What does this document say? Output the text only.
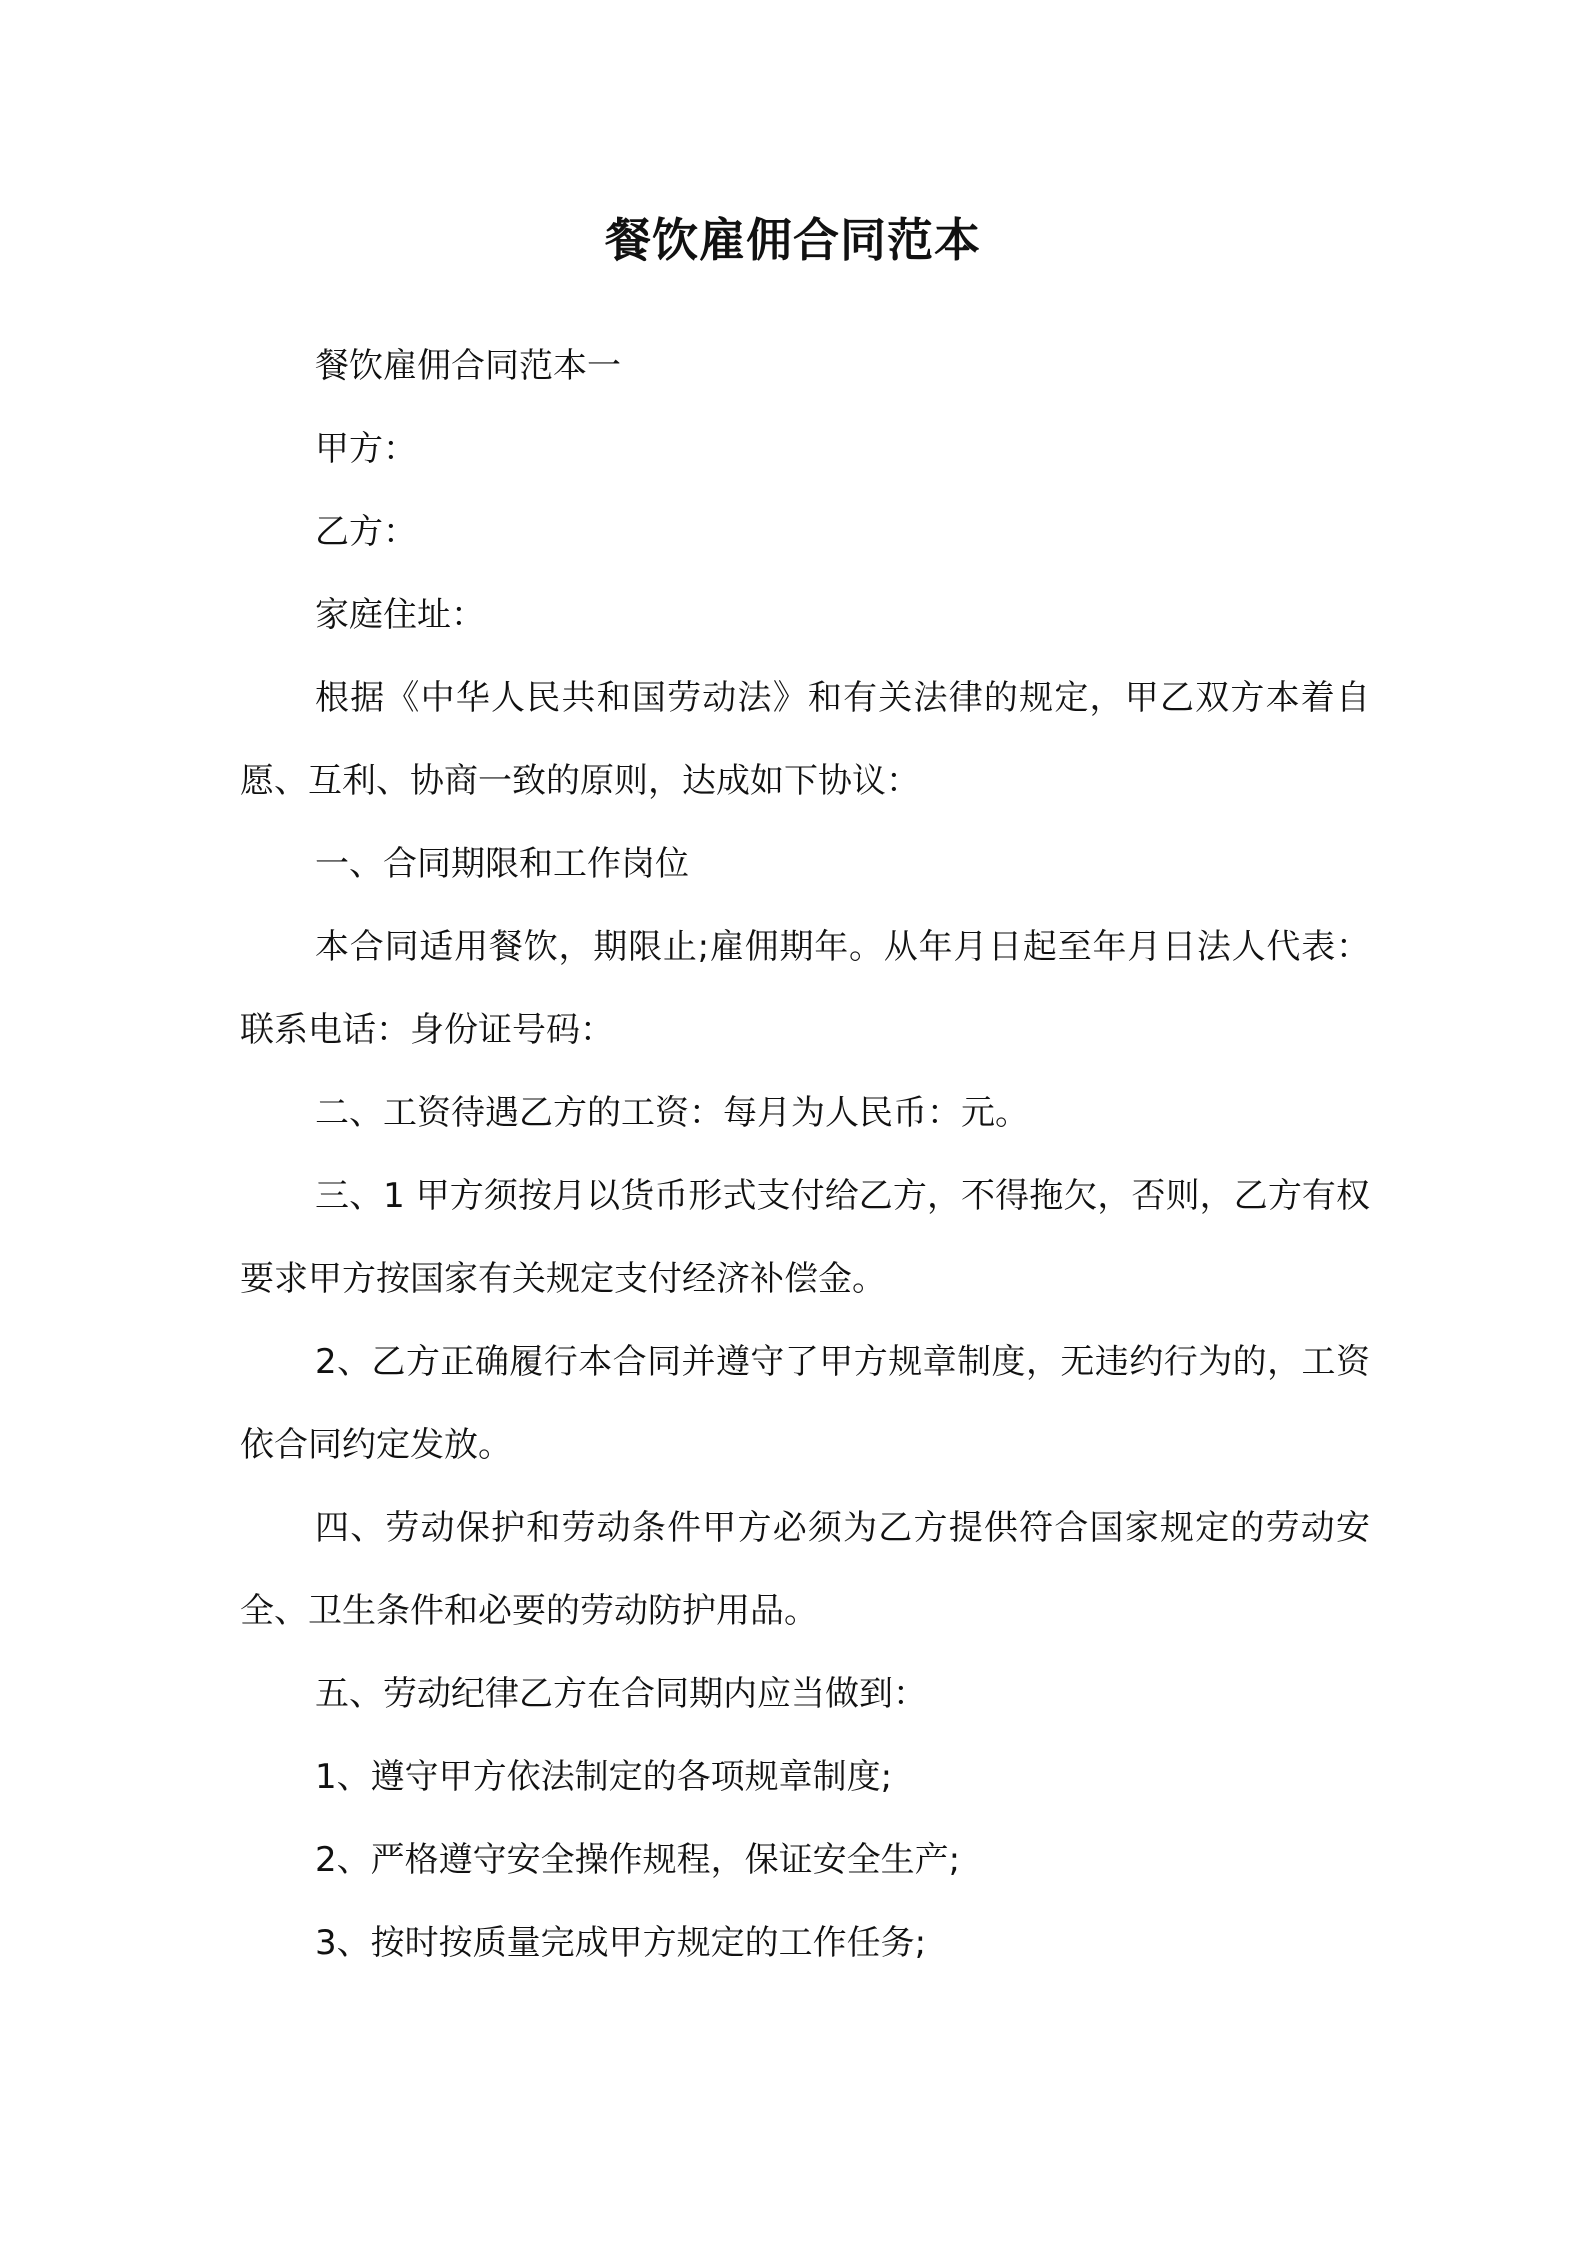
餐饮雇佣合同范本

餐饮雇佣合同范本一

甲方：

乙方：

家庭住址：

根据《中华人民共和国劳动法》和有关法律的规定，甲乙双方本着自愿、互利、协商一致的原则，达成如下协议：

一、合同期限和工作岗位

本合同适用餐饮，期限止;雇佣期年。从年月日起至年月日法人代表：联系电话：身份证号码：

二、工资待遇乙方的工资：每月为人民币：元。

三、1 甲方须按月以货币形式支付给乙方，不得拖欠，否则，乙方有权要求甲方按国家有关规定支付经济补偿金。

2、乙方正确履行本合同并遵守了甲方规章制度，无违约行为的，工资依合同约定发放。

四、劳动保护和劳动条件甲方必须为乙方提供符合国家规定的劳动安全、卫生条件和必要的劳动防护用品。

五、劳动纪律乙方在合同期内应当做到：

1、遵守甲方依法制定的各项规章制度;

2、严格遵守安全操作规程，保证安全生产;

3、按时按质量完成甲方规定的工作任务;
